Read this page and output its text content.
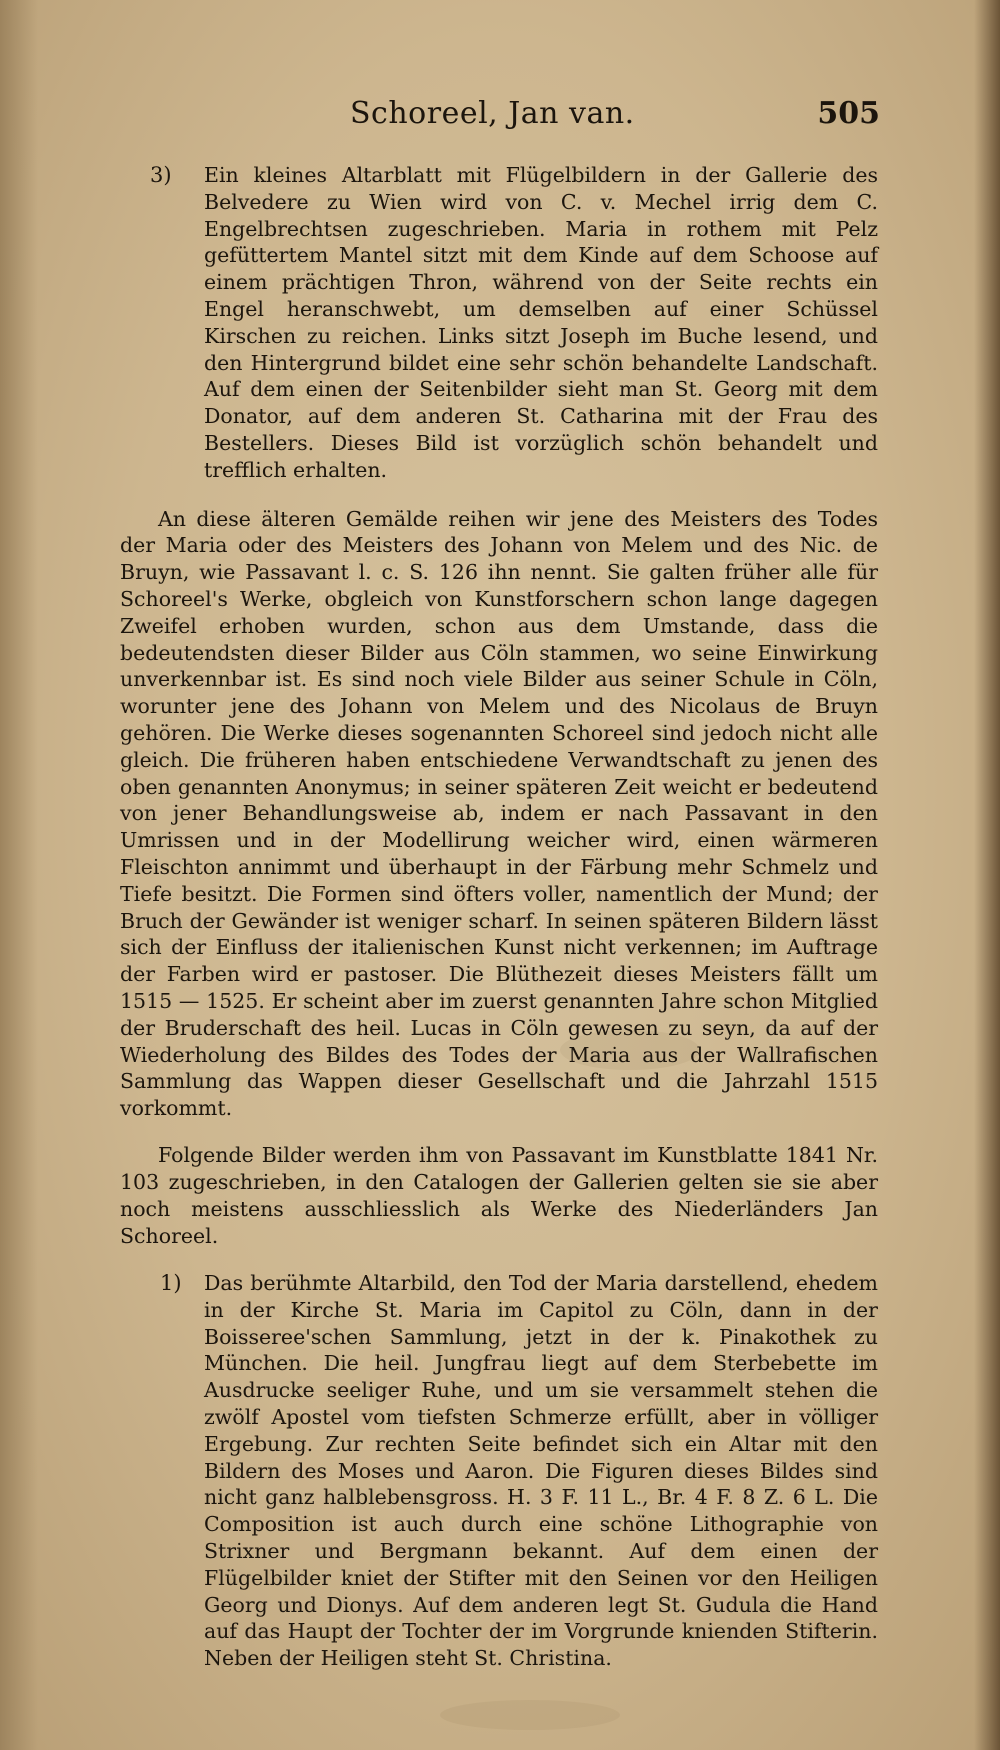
Schoreel, Jan van.	505
3)	Ein kleines Altarblatt mit Flügelbildern in der Gallerie des Belvedere zu Wien wird von C. v. Mechel irrig dem C. Engelbrechtsen zugeschrieben. Maria in rothem mit Pelz gefüttertem Mantel sitzt mit dem Kinde auf dem Schoose auf einem prächtigen Thron, während von der Seite rechts ein Engel heranschwebt, um demselben auf einer Schüssel Kirschen zu reichen. Links sitzt Joseph im Buche lesend, und den Hintergrund bildet eine sehr schön behandelte Landschaft. Auf dem einen der Seitenbilder sieht man St. Georg mit dem Donator, auf dem anderen St. Catharina mit der Frau des Bestellers. Dieses Bild ist vorzüglich schön behandelt und trefflich erhalten.

An diese älteren Gemälde reihen wir jene des Meisters des Todes der Maria oder des Meisters des Johann von Melem und des Nic. de Bruyn, wie Passavant l. c. S. 126 ihn nennt. Sie galten früher alle für Schoreel's Werke, obgleich von Kunstforschern schon lange dagegen Zweifel erhoben wurden, schon aus dem Umstande, dass die bedeutendsten dieser Bilder aus Cöln stammen, wo seine Einwirkung unverkennbar ist. Es sind noch viele Bilder aus seiner Schule in Cöln, worunter jene des Johann von Melem und des Nicolaus de Bruyn gehören. Die Werke dieses sogenannten Schoreel sind jedoch nicht alle gleich. Die früheren haben entschiedene Verwandtschaft zu jenen des oben genannten Anonymus; in seiner späteren Zeit weicht er bedeutend von jener Behandlungsweise ab, indem er nach Passavant in den Umrissen und in der Modellirung weicher wird, einen wärmeren Fleischton annimmt und überhaupt in der Färbung mehr Schmelz und Tiefe besitzt. Die Formen sind öfters voller, namentlich der Mund; der Bruch der Gewänder ist weniger scharf. In seinen späteren Bildern lässt sich der Einfluss der italienischen Kunst nicht verkennen; im Auftrage der Farben wird er pastoser. Die Blüthezeit dieses Meisters fällt um 1515 — 1525. Er scheint aber im zuerst genannten Jahre schon Mitglied der Bruderschaft des heil. Lucas in Cöln gewesen zu seyn, da auf der Wiederholung des Bildes des Todes der Maria aus der Wallrafischen Sammlung das Wappen dieser Gesellschaft und die Jahrzahl 1515 vorkommt.

Folgende Bilder werden ihm von Passavant im Kunstblatte 1841 Nr. 103 zugeschrieben, in den Catalogen der Gallerien gelten sie sie aber noch meistens ausschliesslich als Werke des Niederländers Jan Schoreel.

1)	Das berühmte Altarbild, den Tod der Maria darstellend, ehedem in der Kirche St. Maria im Capitol zu Cöln, dann in der Boisseree'schen Sammlung, jetzt in der k. Pinakothek zu München. Die heil. Jungfrau liegt auf dem Sterbebette im Ausdrucke seeliger Ruhe, und um sie versammelt stehen die zwölf Apostel vom tiefsten Schmerze erfüllt, aber in völliger Ergebung. Zur rechten Seite befindet sich ein Altar mit den Bildern des Moses und Aaron. Die Figuren dieses Bildes sind nicht ganz halblebensgross. H. 3 F. 11 L., Br. 4 F. 8 Z. 6 L. Die Composition ist auch durch eine schöne Lithographie von Strixner und Bergmann bekannt. Auf dem einen der Flügelbilder kniet der Stifter mit den Seinen vor den Heiligen Georg und Dionys. Auf dem anderen legt St. Gudula die Hand auf das Haupt der Tochter der im Vorgrunde knienden Stifterin. Neben der Heiligen steht St. Christina.
